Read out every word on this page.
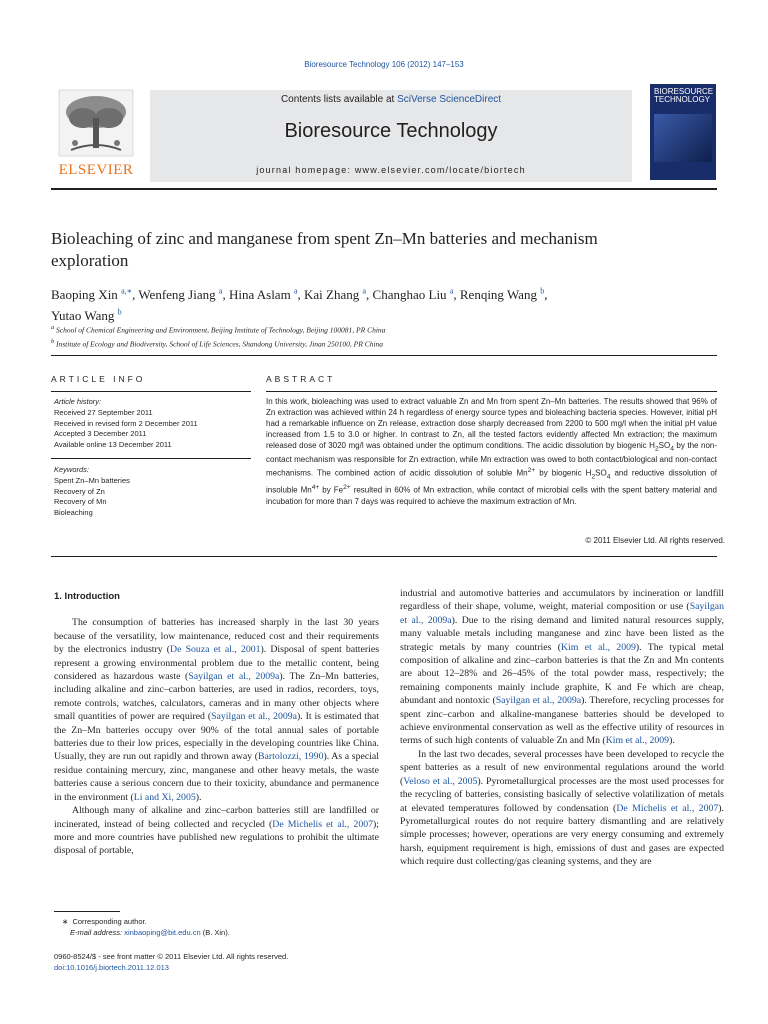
Bioresource Technology 106 (2012) 147–153
ELSEVIER
Contents lists available at SciVerse ScienceDirect
Bioresource Technology
journal homepage: www.elsevier.com/locate/biortech
BIORESOURCE TECHNOLOGY
Bioleaching of zinc and manganese from spent Zn–Mn batteries and mechanism exploration
Baoping Xin $^{a,∗}$, Wenfeng Jiang $^a$, Hina Aslam $^a$, Kai Zhang $^a$, Changhao Liu $^a$, Renqing Wang $^b$,
Yutao Wang $^b$
$^a$ School of Chemical Engineering and Environment, Beijing Institute of Technology, Beijing 100081, PR China
$^b$ Institute of Ecology and Biodiversity, School of Life Sciences, Shandong University, Jinan 250100, PR China
ARTICLE INFO	ABSTRACT
Article history:
Received 27 September 2011
Received in revised form 2 December 2011
Accepted 3 December 2011
Available online 13 December 2011
Keywords:
Spent Zn–Mn batteries
Recovery of Zn
Recovery of Mn
Bioleaching
In this work, bioleaching was used to extract valuable Zn and Mn from spent Zn–Mn batteries. The results showed that 96% of Zn extraction was achieved within 24 h regardless of energy source types and bioleaching bacteria species. However, initial pH had a remarkable influence on Zn release, extraction dose sharply decreased from 2200 to 500 mg/l when the initial pH value increased from 1.5 to 3.0 or higher. In contrast to Zn, all the tested factors evidently affected Mn extraction; the maximum released dose of 3020 mg/l was obtained under the optimum conditions. The acidic dissolution by biogenic $H_2SO_4$ by the non-contact mechanism was responsible for Zn extraction, while Mn extraction was owed to both contact/biological and non-contact mechanisms. The combined action of acidic dissolution of soluble $Mn^{2+}$ by biogenic $H_2SO_4$ and reductive dissolution of insoluble $Mn^{4+}$ by $Fe^{2+}$ resulted in 60% of Mn extraction, while contact of microbial cells with the spent battery material and incubation for more than 7 days was required to achieve the maximum extraction of Mn.
© 2011 Elsevier Ltd. All rights reserved.

1. Introduction

The consumption of batteries has increased sharply in the last 30 years because of the versatility, low maintenance, reduced cost and their requirements by the electronics industry (De Souza et al., 2001). Disposal of spent batteries represent a growing environmental problem due to the metallic content, being considered as hazardous waste (Sayilgan et al., 2009a). The Zn–Mn batteries, including alkaline and zinc–carbon batteries, are used in radios, recorders, toys, remote controls, watches, calculators, cameras and in many other objects where small quantities of power are required (Sayilgan et al., 2009a). It is estimated that the Zn–Mn batteries occupy over 90% of the total annual sales of portable batteries due to their low prices, especially in the developing countries like China. Usually, they are run out rapidly and thrown away (Bartolozzi, 1990). As a special residue containing mercury, zinc, manganese and other heavy metals, the waste batteries cause a serious concern due to their toxicity, abundance and permanence in the environment (Li and Xi, 2005).

Although many of alkaline and zinc–carbon batteries still are landfilled or incinerated, instead of being collected and recycled (De Michelis et al., 2007); more and more countries have published new regulations to prohibit the ultimate disposal of portable,

industrial and automotive batteries and accumulators by incineration or landfill regardless of their shape, volume, weight, material composition or use (Sayilgan et al., 2009a). Due to the rising demand and limited natural resources supply, many valuable metals including manganese and zinc have been listed as the strategic metals by many countries (Kim et al., 2009). The typical metal composition of alkaline and zinc–carbon batteries is that the Zn and Mn contents are about 12–28% and 26–45% of the total powder mass, respectively; the remaining components mainly include graphite, K and Fe which are cheap, abundant and nontoxic (Sayilgan et al., 2009a). Therefore, recycling processes for spent zinc–carbon and alkaline-manganese batteries should be developed to achieve environmental conservation as well as the effective utility of resources in terms of such high contents of valuable Zn and Mn (Kim et al., 2009).

In the last two decades, several processes have been developed to recycle the spent batteries as a result of new environmental regulations around the world (Veloso et al., 2005). Pyrometallurgical processes are the most used processes for the recycling of batteries, consisting basically of selective volatilization of metals at elevated temperatures followed by condensation (De Michelis et al., 2007). Pyrometallurgical routes do not require battery dismantling and are relatively simple processes; however, operations are very energy consuming and extremely harsh, equipment requirement is high, emissions of dust and gases are expected which require dust collecting/gas cleaning systems, and they are

∗ Corresponding author.
E-mail address: xinbaoping@bit.edu.cn (B. Xin).
0960-8524/$ - see front matter © 2011 Elsevier Ltd. All rights reserved.
doi:10.1016/j.biortech.2011.12.013
